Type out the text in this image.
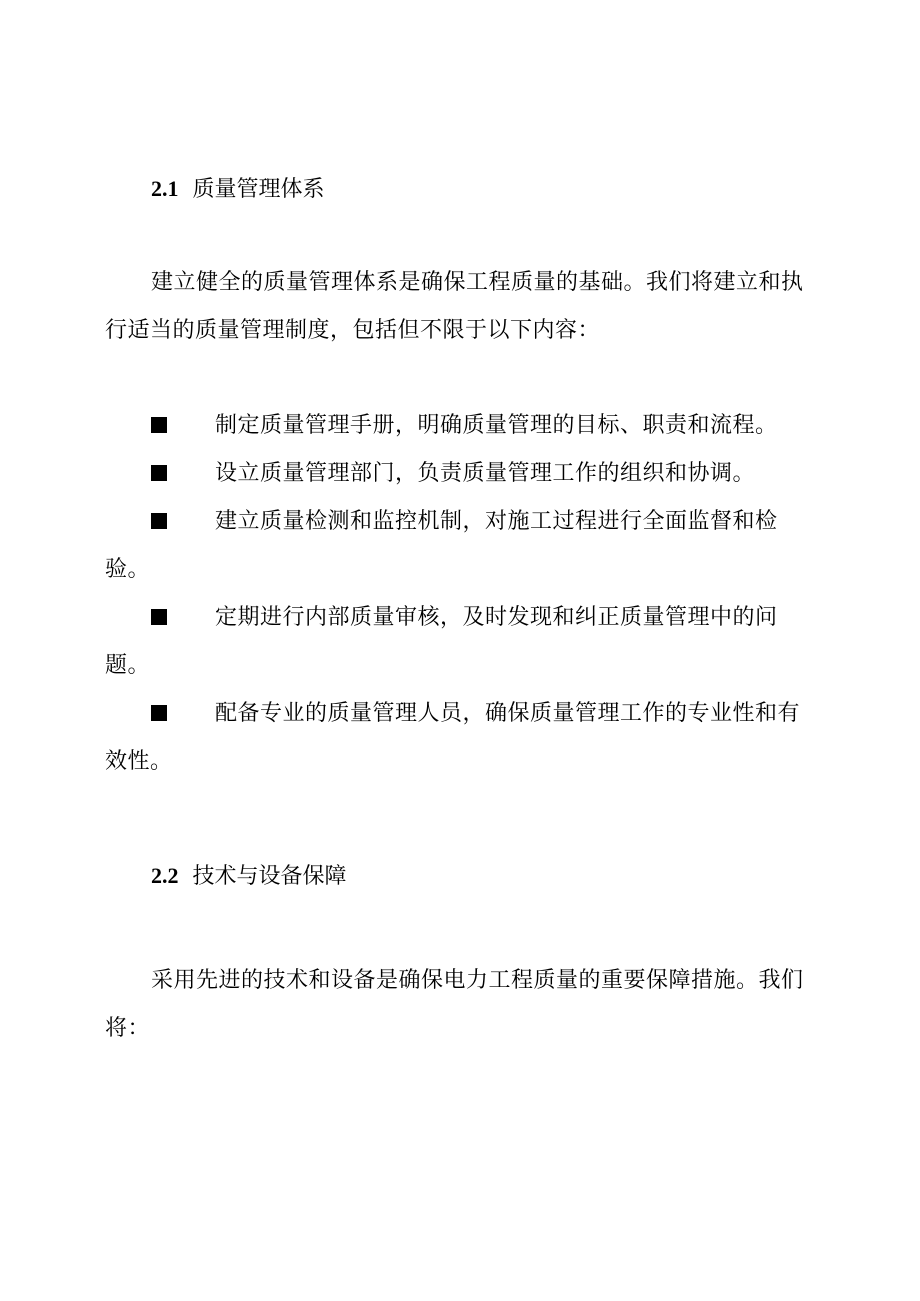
2.1 质量管理体系
建立健全的质量管理体系是确保工程质量的基础。我们将建立和执行适当的质量管理制度，包括但不限于以下内容：
制定质量管理手册，明确质量管理的目标、职责和流程。
设立质量管理部门，负责质量管理工作的组织和协调。
建立质量检测和监控机制，对施工过程进行全面监督和检验。
定期进行内部质量审核，及时发现和纠正质量管理中的问题。
配备专业的质量管理人员，确保质量管理工作的专业性和有效性。
2.2 技术与设备保障
采用先进的技术和设备是确保电力工程质量的重要保障措施。我们将：
